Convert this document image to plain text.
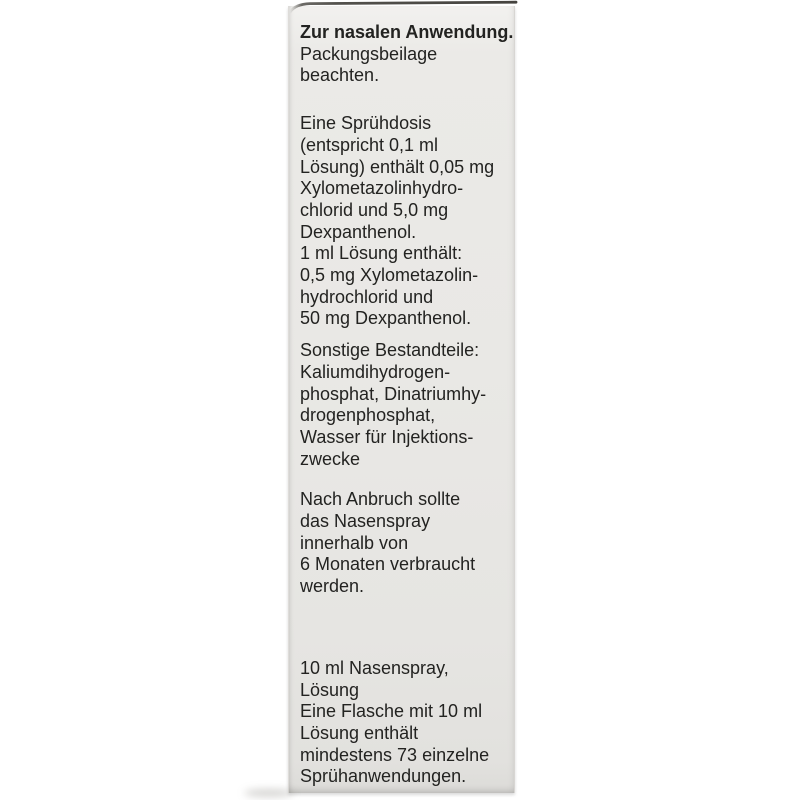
Zur nasalen Anwendung.
Packungsbeilage
beachten.

Eine Sprühdosis
(entspricht 0,1 ml
Lösung) enthält 0,05 mg
Xylometazolinhydro-
chlorid und 5,0 mg
Dexpanthenol.
1 ml Lösung enthält:
0,5 mg Xylometazolin-
hydrochlorid und
50 mg Dexpanthenol.

Sonstige Bestandteile:
Kaliumdihydrogen-
phosphat, Dinatriumhy-
drogenphosphat,
Wasser für Injektions-
zwecke

Nach Anbruch sollte
das Nasenspray
innerhalb von
6 Monaten verbraucht
werden.

10 ml Nasenspray,
Lösung
Eine Flasche mit 10 ml
Lösung enthält
mindestens 73 einzelne
Sprühanwendungen.
